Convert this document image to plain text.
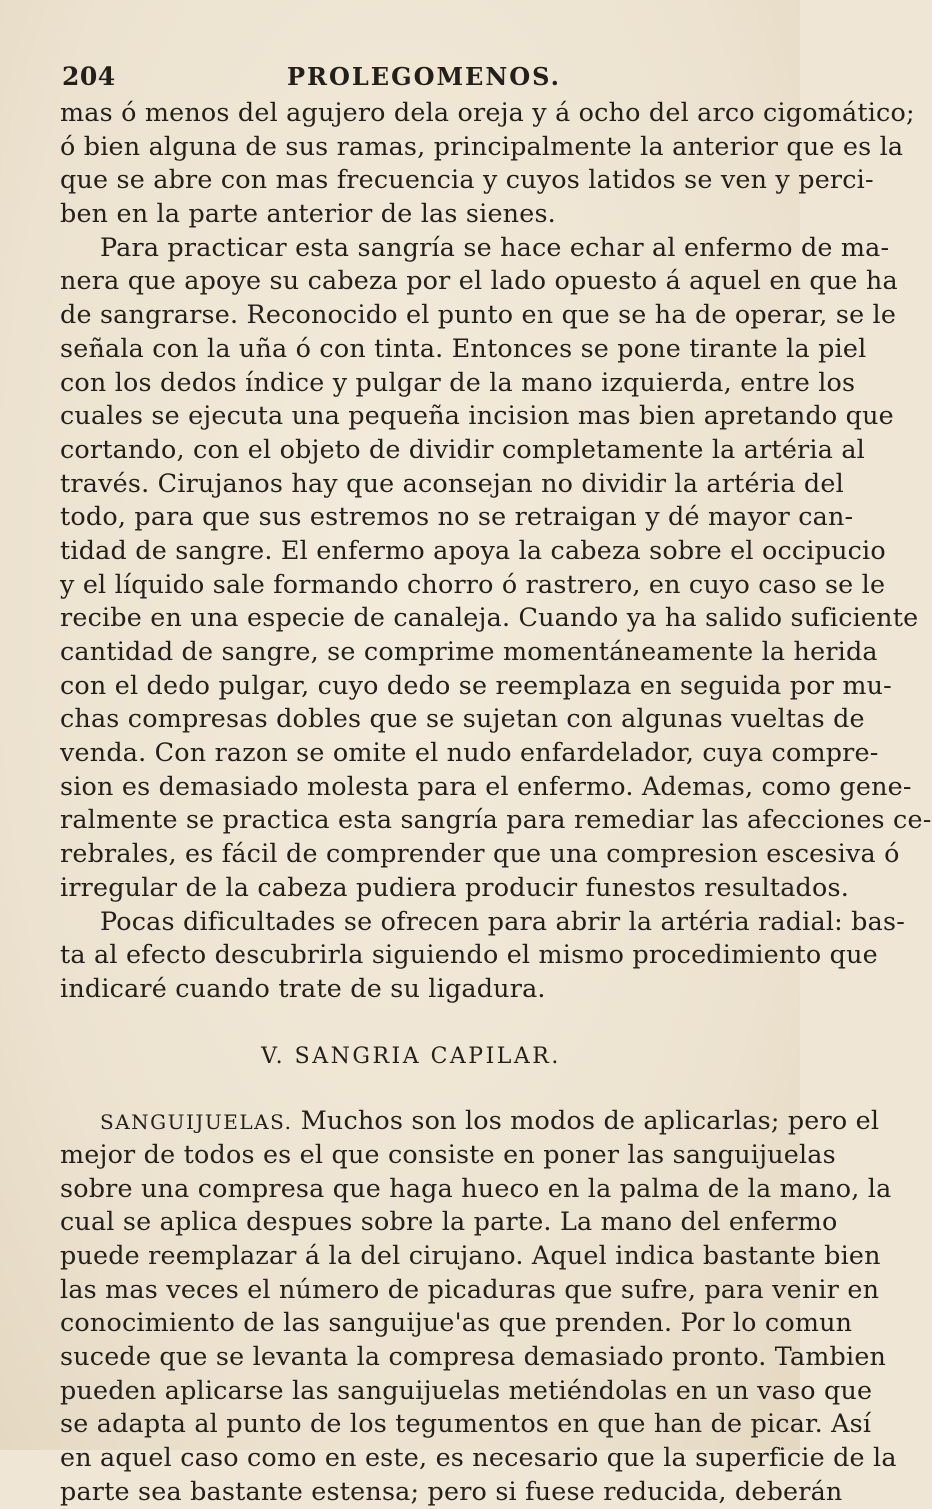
204	PROLEGOMENOS.
mas ó menos del agujero dela oreja y á ocho del arco cigomático;
ó bien alguna de sus ramas, principalmente la anterior que es la
que se abre con mas frecuencia y cuyos latidos se ven y perci-
ben en la parte anterior de las sienes.
Para practicar esta sangría se hace echar al enfermo de ma-
nera que apoye su cabeza por el lado opuesto á aquel en que ha
de sangrarse. Reconocido el punto en que se ha de operar, se le
señala con la uña ó con tinta. Entonces se pone tirante la piel
con los dedos índice y pulgar de la mano izquierda, entre los
cuales se ejecuta una pequeña incision mas bien apretando que
cortando, con el objeto de dividir completamente la artéria al
través. Cirujanos hay que aconsejan no dividir la artéria del
todo, para que sus estremos no se retraigan y dé mayor can-
tidad de sangre. El enfermo apoya la cabeza sobre el occipucio
y el líquido sale formando chorro ó rastrero, en cuyo caso se le
recibe en una especie de canaleja. Cuando ya ha salido suficiente
cantidad de sangre, se comprime momentáneamente la herida
con el dedo pulgar, cuyo dedo se reemplaza en seguida por mu-
chas compresas dobles que se sujetan con algunas vueltas de
venda. Con razon se omite el nudo enfardelador, cuya compre-
sion es demasiado molesta para el enfermo. Ademas, como gene-
ralmente se practica esta sangría para remediar las afecciones ce-
rebrales, es fácil de comprender que una compresion escesiva ó
irregular de la cabeza pudiera producir funestos resultados.
Pocas dificultades se ofrecen para abrir la artéria radial: bas-
ta al efecto descubrirla siguiendo el mismo procedimiento que
indicaré cuando trate de su ligadura.
V. SANGRIA CAPILAR.
SANGUIJUELAS. Muchos son los modos de aplicarlas; pero el
mejor de todos es el que consiste en poner las sanguijuelas
sobre una compresa que haga hueco en la palma de la mano, la
cual se aplica despues sobre la parte. La mano del enfermo
puede reemplazar á la del cirujano. Aquel indica bastante bien
las mas veces el número de picaduras que sufre, para venir en
conocimiento de las sanguijue'as que prenden. Por lo comun
sucede que se levanta la compresa demasiado pronto. Tambien
pueden aplicarse las sanguijuelas metiéndolas en un vaso que
se adapta al punto de los tegumentos en que han de picar. Así
en aquel caso como en este, es necesario que la superficie de la
parte sea bastante estensa; pero si fuese reducida, deberán
